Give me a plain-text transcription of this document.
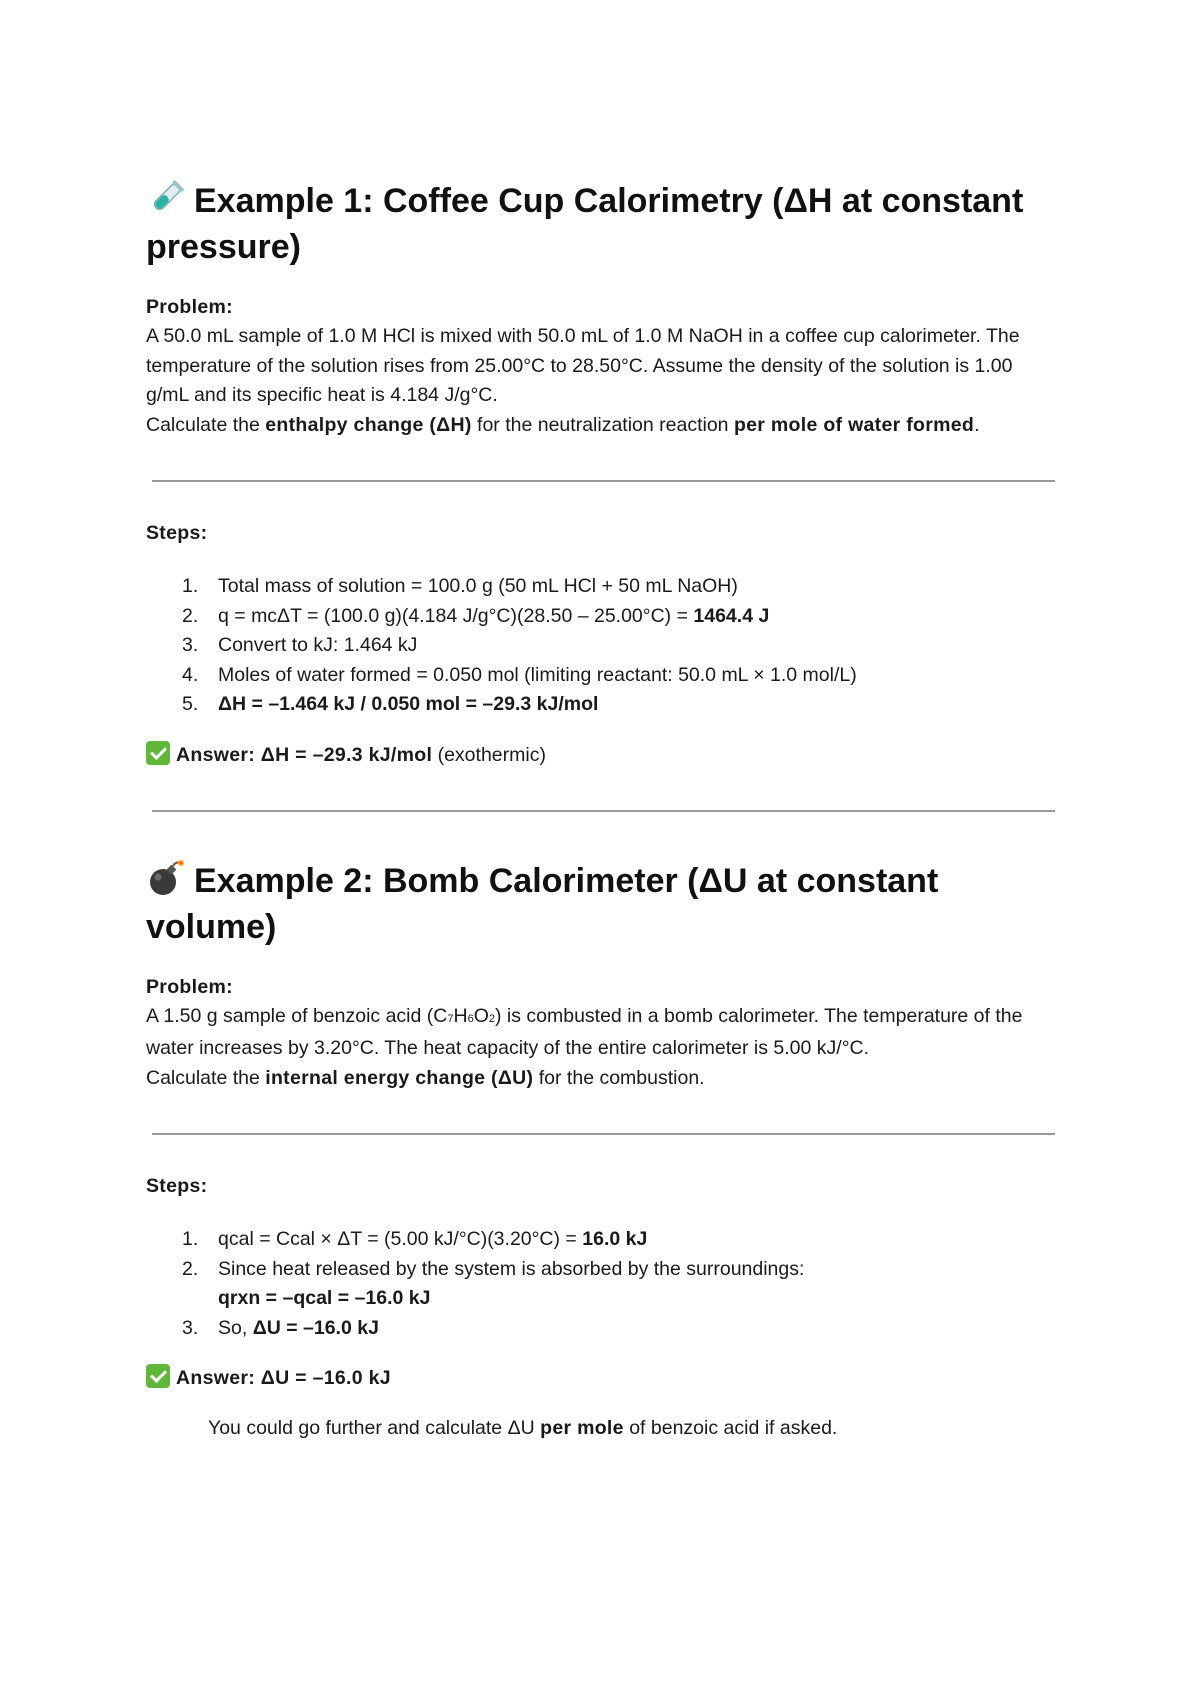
Example 1: Coffee Cup Calorimetry (ΔH at constant
pressure)
Problem:

A 50.0 mL sample of 1.0 M HCl is mixed with 50.0 mL of 1.0 M NaOH in a coffee cup calorimeter. The temperature of the solution rises from 25.00°C to 28.50°C. Assume the density of the solution is 1.00 g/mL and its specific heat is 4.184 J/g°C.

Calculate the enthalpy change (ΔH) for the neutralization reaction per mole of water formed.

Steps:
1. Total mass of solution = 100.0 g (50 mL HCl + 50 mL NaOH)
2. q = mcΔT = (100.0 g)(4.184 J/g°C)(28.50 – 25.00°C) = 1464.4 J
3. Convert to kJ: 1.464 kJ
4. Moles of water formed = 0.050 mol (limiting reactant: 50.0 mL × 1.0 mol/L)
5. ΔH = –1.464 kJ / 0.050 mol = –29.3 kJ/mol
Answer: ΔH = –29.3 kJ/mol (exothermic)
Example 2: Bomb Calorimeter (ΔU at constant
volume)
Problem:

A 1.50 g sample of benzoic acid (C7H6O2) is combusted in a bomb calorimeter. The temperature of the water increases by 3.20°C. The heat capacity of the entire calorimeter is 5.00 kJ/°C.

Calculate the internal energy change (ΔU) for the combustion.

Steps:
1. qcal = Ccal × ΔT = (5.00 kJ/°C)(3.20°C) = 16.0 kJ
2. Since heat released by the system is absorbed by the surroundings:
qrxn = –qcal = –16.0 kJ
3. So, ΔU = –16.0 kJ
Answer: ΔU = –16.0 kJ
You could go further and calculate ΔU per mole of benzoic acid if asked.
